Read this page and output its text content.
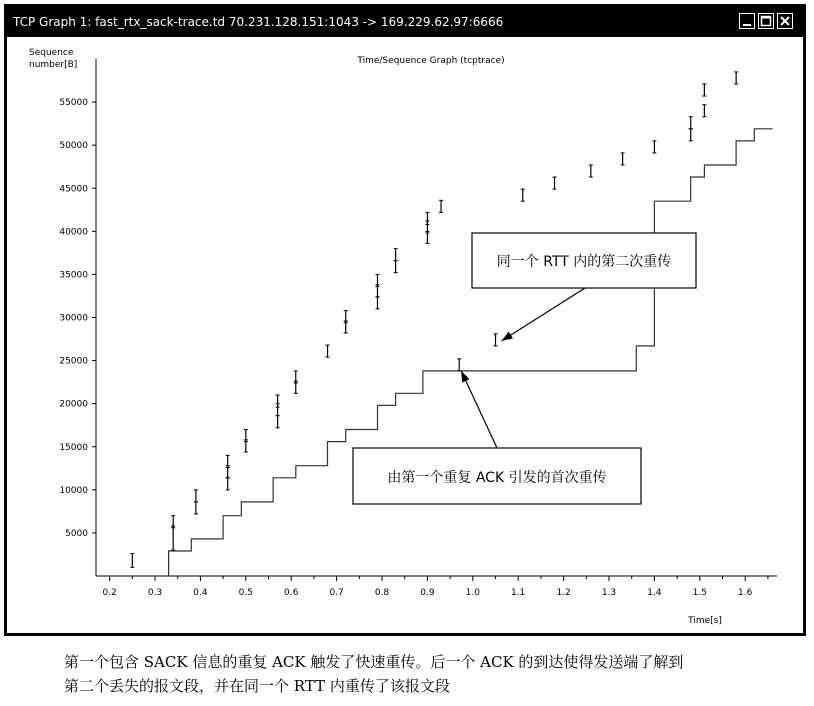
TCP Graph 1: fast_rtx_sack-trace.td 70.231.128.151:1043 -> 169.229.62.97:6666
Time/Sequence Graph (tcptrace)
Sequence
number[B]
Time[s]
5000
10000
15000
20000
25000
30000
35000
40000
45000
50000
55000
0.2	0.3	0.4	0.5	0.6	0.7	0.8	0.9	1.0	1.1	1.2	1.3	1.4	1.5	1.6
同一个 RTT 内的第二次重传
由第一个重复 ACK 引发的首次重传
第一个包含 SACK 信息的重复 ACK 触发了快速重传。后一个 ACK 的到达使得发送端了解到
第二个丢失的报文段，并在同一个 RTT 内重传了该报文段
